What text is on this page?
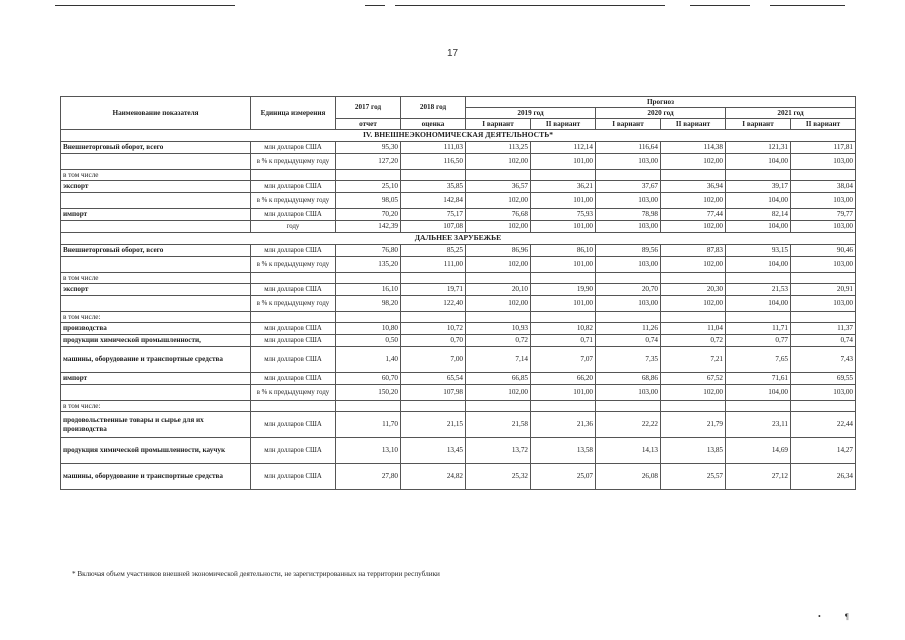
17
Наименование показателя	Единица измерения	2017 год	2018 год	Прогноз					
				2019 год		2020 год		2021 год	
		отчет	оценка	I вариант	II вариант	I вариант	II вариант	I вариант	II вариант
IV. ВНЕШНЕЭКОНОМИЧЕСКАЯ ДЕЯТЕЛЬНОСТЬ*									
Внешнеторговый оборот, всего	млн долларов США	95,30	111,03	113,25	112,14	116,64	114,38	121,31	117,81
	в % к предыдущему году	127,20	116,50	102,00	101,00	103,00	102,00	104,00	103,00
в том числе									
экспорт	млн долларов США	25,10	35,85	36,57	36,21	37,67	36,94	39,17	38,04
	в % к предыдущему году	98,05	142,84	102,00	101,00	103,00	102,00	104,00	103,00
импорт	млн долларов США	70,20	75,17	76,68	75,93	78,98	77,44	82,14	79,77
	году	142,39	107,08	102,00	101,00	103,00	102,00	104,00	103,00
ДАЛЬНЕЕ ЗАРУБЕЖЬЕ									
Внешнеторговый оборот, всего	млн долларов США	76,80	85,25	86,96	86,10	89,56	87,83	93,15	90,46
	в % к предыдущему году	135,20	111,00	102,00	101,00	103,00	102,00	104,00	103,00
в том числе									
экспорт	млн долларов США	16,10	19,71	20,10	19,90	20,70	20,30	21,53	20,91
	в % к предыдущему году	98,20	122,40	102,00	101,00	103,00	102,00	104,00	103,00
в том числе:									
производства	млн долларов США	10,80	10,72	10,93	10,82	11,26	11,04	11,71	11,37
продукции химической промышленности,	млн долларов США	0,50	0,70	0,72	0,71	0,74	0,72	0,77	0,74
машины, оборудование и транспортные средства	млн долларов США	1,40	7,00	7,14	7,07	7,35	7,21	7,65	7,43
импорт	млн долларов США	60,70	65,54	66,85	66,20	68,86	67,52	71,61	69,55
	в % к предыдущему году	150,20	107,98	102,00	101,00	103,00	102,00	104,00	103,00
в том числе:									
продовольственные товары и сырье для их производства	млн долларов США	11,70	21,15	21,58	21,36	22,22	21,79	23,11	22,44
продукция химической промышленности, каучук	млн долларов США	13,10	13,45	13,72	13,58	14,13	13,85	14,69	14,27
машины, оборудование и транспортные средства	млн долларов США	27,80	24,82	25,32	25,07	26,08	25,57	27,12	26,34
* Включая объем участников внешней экономической деятельности, не зарегистрированных на территории республики
•	¶
